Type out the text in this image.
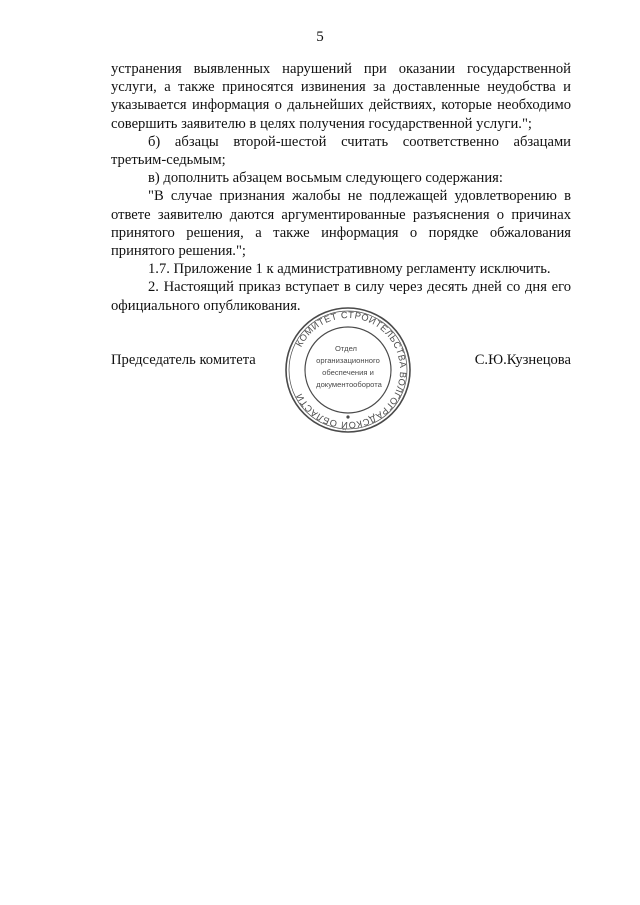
5

устранения выявленных нарушений при оказании государственной услуги, а также приносятся извинения за доставленные неудобства и указывается информация о дальнейших действиях, которые необходимо совершить заявителю в целях получения государственной услуги.";

б) абзацы второй-шестой считать соответственно абзацами третьим-седьмым;

в) дополнить абзацем восьмым следующего содержания:

"В случае признания жалобы не подлежащей удовлетворению в ответе заявителю даются аргументированные разъяснения о причинах принятого решения, а также информация о порядке обжалования принятого решения.";

1.7. Приложение 1 к административному регламенту исключить.

2. Настоящий приказ вступает в силу через десять дней со дня его официального опубликования.

Председатель комитета	С.Ю.Кузнецова
КОМИТЕТ СТРОИТЕЛЬСТВА ВОЛГОГРАДСКОЙ ОБЛАСТИ
Отдел
организационного
обеспечения и
документооборота
